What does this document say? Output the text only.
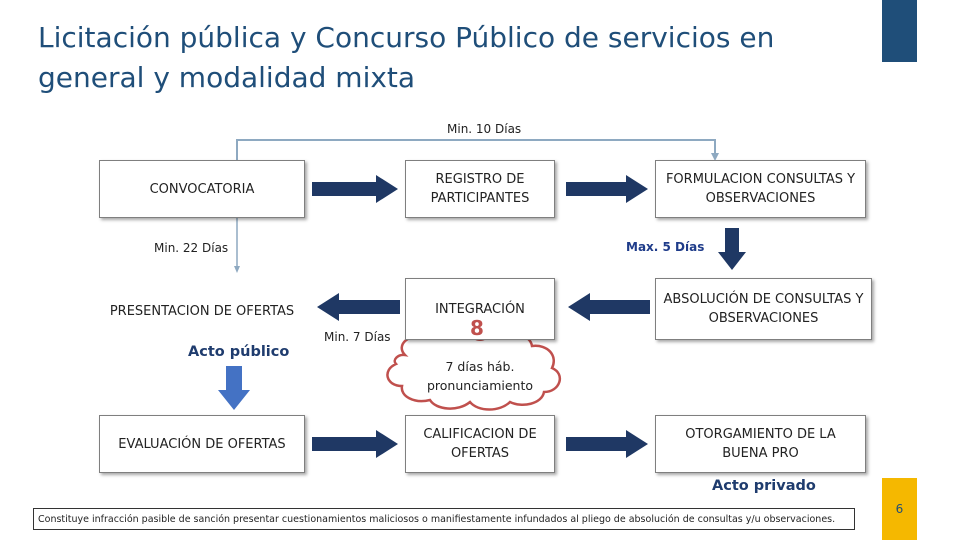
Licitación pública y Concurso Público de servicios en general y modalidad mixta
Min. 10 Días
Min. 22 Días	Max. 5 Días
Min. 7 Días
CONVOCATORIA
REGISTRO DE PARTICIPANTES
FORMULACION CONSULTAS Y OBSERVACIONES
PRESENTACION DE OFERTAS	INTEGRACIÓN
ABSOLUCIÓN DE CONSULTAS Y OBSERVACIONES
Acto público
8
7 días háb. pronunciamiento
EVALUACIÓN DE OFERTAS
CALIFICACION DE OFERTAS
OTORGAMIENTO DE LA BUENA PRO
Acto privado
Constituye infracción pasible de sanción presentar cuestionamientos maliciosos o manifiestamente infundados al pliego de absolución de consultas y/u observaciones.
6
